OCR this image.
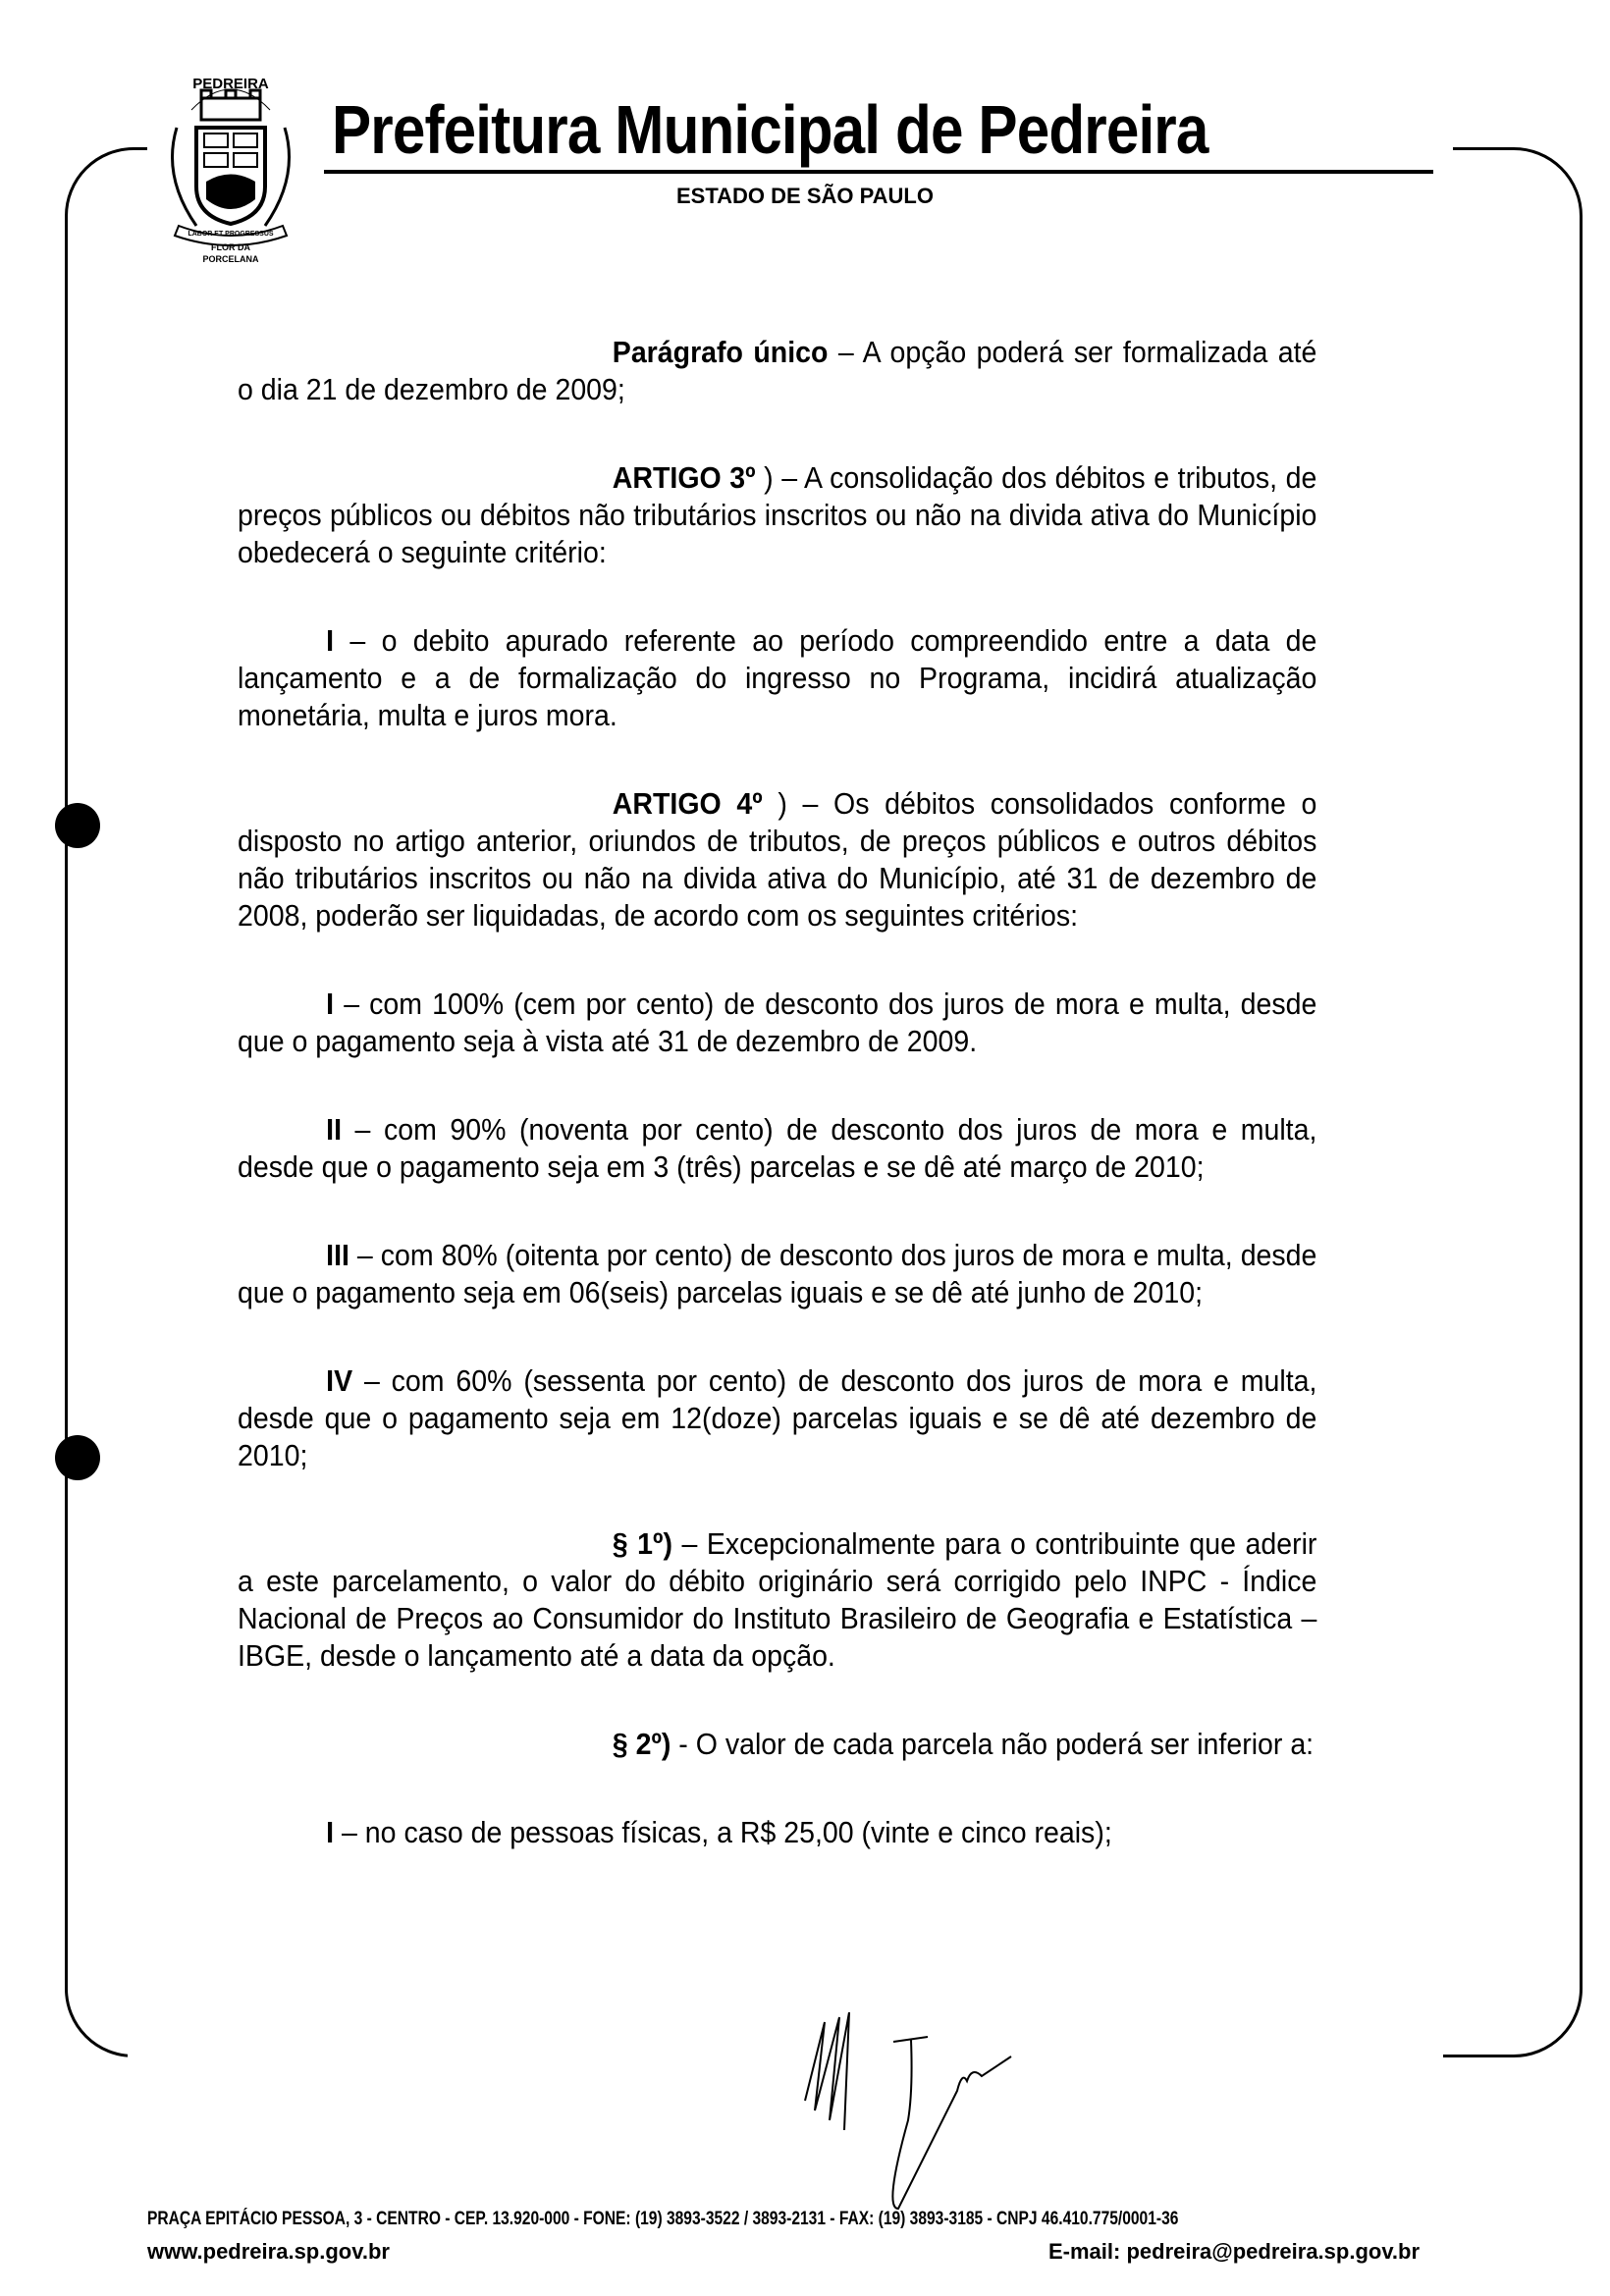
PEDREIRA
LABOR ET PROGRESSUS
FLOR DA
PORCELANA
Prefeitura Municipal de Pedreira
ESTADO DE SÃO PAULO

Parágrafo único – A opção poderá ser formalizada até o dia 21 de dezembro de 2009;

ARTIGO 3º ) – A consolidação dos débitos e tributos, de preços públicos ou débitos não tributários inscritos ou não na divida ativa do Município obedecerá o seguinte critério:

I – o debito apurado referente ao período compreendido entre a data de lançamento e a de formalização do ingresso no Programa, incidirá atualização monetária, multa e juros mora.

ARTIGO 4º ) – Os débitos consolidados conforme o disposto no artigo anterior, oriundos de tributos, de preços públicos e outros débitos não tributários inscritos ou não na divida ativa do Município, até 31 de dezembro de 2008, poderão ser liquidadas, de acordo com os seguintes critérios:

I – com 100% (cem por cento) de desconto dos juros de mora e multa, desde que o pagamento seja à vista até 31 de dezembro de 2009.

II – com 90% (noventa por cento) de desconto dos juros de mora e multa, desde que o pagamento seja em 3 (três) parcelas e se dê até março de 2010;

III – com 80% (oitenta por cento) de desconto dos juros de mora e multa, desde que o pagamento seja em 06(seis) parcelas iguais e se dê até junho de 2010;

IV – com 60% (sessenta por cento) de desconto dos juros de mora e multa, desde que o pagamento seja em 12(doze) parcelas iguais e se dê até dezembro de 2010;

§ 1º) – Excepcionalmente para o contribuinte que aderir a este parcelamento, o valor do débito originário será corrigido pelo INPC - Índice Nacional de Preços ao Consumidor do Instituto Brasileiro de Geografia e Estatística – IBGE, desde o lançamento até a data da opção.

§ 2º) - O valor de cada parcela não poderá ser inferior a:

I – no caso de pessoas físicas, a R$ 25,00 (vinte e cinco reais);

PRAÇA EPITÁCIO PESSOA, 3 - CENTRO - CEP. 13.920-000 - FONE: (19) 3893-3522 / 3893-2131 - FAX: (19) 3893-3185 - CNPJ 46.410.775/0001-36
www.pedreira.sp.gov.br	E-mail: pedreira@pedreira.sp.gov.br
